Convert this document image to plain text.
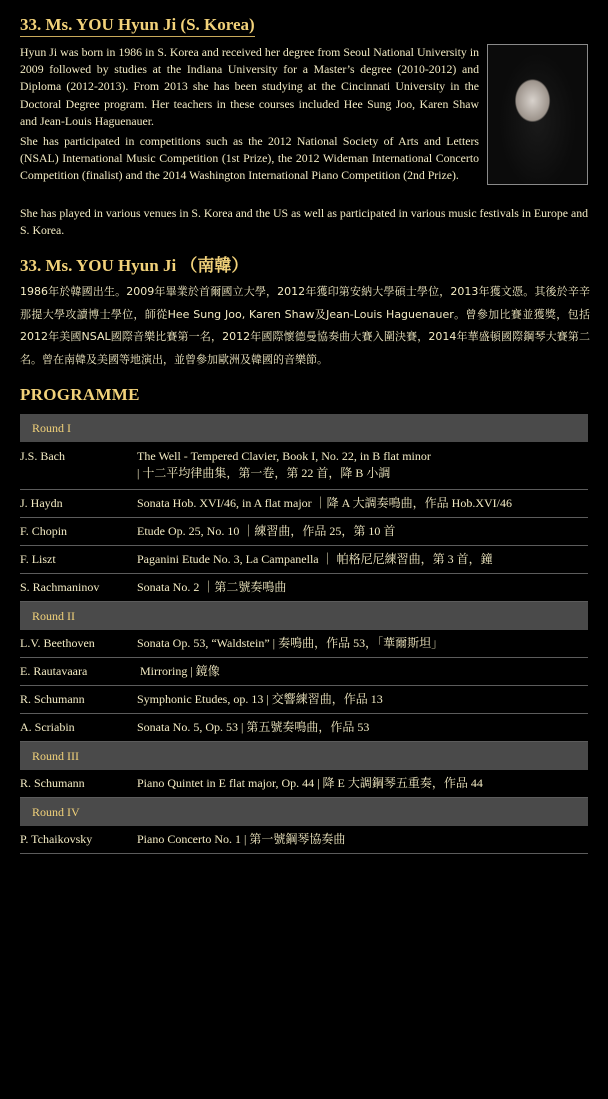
33. Ms. YOU Hyun Ji (S. Korea)
Hyun Ji was born in 1986 in S. Korea and received her degree from Seoul National University in 2009 followed by studies at the Indiana University for a Master’s degree (2010-2012) and Diploma (2012-2013). From 2013 she has been studying at the Cincinnati University in the Doctoral Degree program. Her teachers in these courses included Hee Sung Joo, Karen Shaw and Jean-Louis Haguenauer.
She has participated in competitions such as the 2012 National Society of Arts and Letters (NSAL) International Music Competition (1st Prize), the 2012 Wideman International Concerto Competition (finalist) and the 2014 Washington International Piano Competition (2nd Prize).
She has played in various venues in S. Korea and the US as well as participated in various music festivals in Europe and S. Korea.
33. Ms. YOU Hyun Ji （南韓）
1986年於韓國出生。2009年畢業於首爾國立大學，2012年獲印第安納大學碩士學位，2013年獲文憑。其後於辛辛那提大學攻讀博士學位，師從Hee Sung Joo, Karen Shaw及Jean-Louis Haguenauer。曾參加比賽並獲獎，包括2012年美國NSAL國際音樂比賽第一名，2012年國際懷德曼協奏曲大賽入圍決賽，2014年華盛頓國際鋼琴大賽第二名。曾在南韓及美國等地演出，並曾參加歐洲及韓國的音樂節。
PROGRAMME
Round I
J.S. Bach	The Well - Tempered Clavier, Book I, No. 22, in B flat minor
| 十二平均律曲集，第一卷，第 22 首，降 B 小調
J. Haydn	Sonata Hob. XVI/46, in A flat major ｜降 A 大調奏鳴曲，作品 Hob.XVI/46
F. Chopin	Etude Op. 25, No. 10 ｜練習曲，作品 25，第 10 首
F. Liszt	Paganini Etude No. 3, La Campanella ｜ 帕格尼尼練習曲，第 3 首，鐘
S. Rachmaninov	Sonata No. 2 ｜第二號奏鳴曲
Round II
L.V. Beethoven	Sonata Op. 53, “Waldstein” | 奏鳴曲，作品 53，「華爾斯坦」
E. Rautavaara	Mirroring | 鏡像
R. Schumann	Symphonic Etudes, op. 13 | 交響練習曲，作品 13
A. Scriabin	Sonata No. 5, Op. 53 | 第五號奏鳴曲，作品 53
Round III
R. Schumann	Piano Quintet in E flat major, Op. 44 | 降 E 大調鋼琴五重奏，作品 44
Round IV
P. Tchaikovsky	Piano Concerto No. 1 | 第一號鋼琴協奏曲
